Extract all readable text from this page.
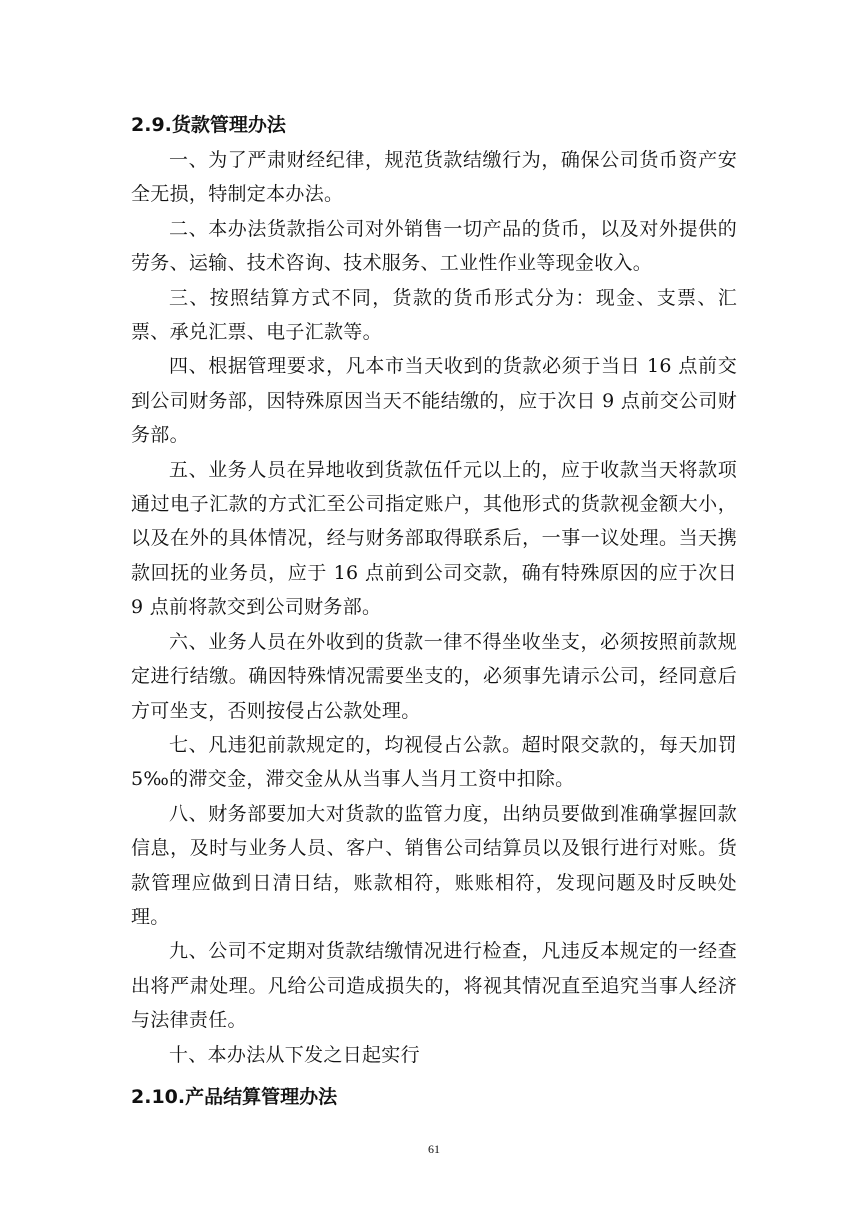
2.9.货款管理办法

一、为了严肃财经纪律，规范货款结缴行为，确保公司货币资产安全无损，特制定本办法。

二、本办法货款指公司对外销售一切产品的货币，以及对外提供的劳务、运输、技术咨询、技术服务、工业性作业等现金收入。

三、按照结算方式不同，货款的货币形式分为：现金、支票、汇票、承兑汇票、电子汇款等。

四、根据管理要求，凡本市当天收到的货款必须于当日 16 点前交到公司财务部，因特殊原因当天不能结缴的，应于次日 9 点前交公司财务部。

五、业务人员在异地收到货款伍仟元以上的，应于收款当天将款项通过电子汇款的方式汇至公司指定账户，其他形式的货款视金额大小，以及在外的具体情况，经与财务部取得联系后，一事一议处理。当天携款回抚的业务员，应于 16 点前到公司交款，确有特殊原因的应于次日 9 点前将款交到公司财务部。

六、业务人员在外收到的货款一律不得坐收坐支，必须按照前款规定进行结缴。确因特殊情况需要坐支的，必须事先请示公司，经同意后方可坐支，否则按侵占公款处理。

七、凡违犯前款规定的，均视侵占公款。超时限交款的，每天加罚 5‰的滞交金，滞交金从从当事人当月工资中扣除。

八、财务部要加大对货款的监管力度，出纳员要做到准确掌握回款信息，及时与业务人员、客户、销售公司结算员以及银行进行对账。货款管理应做到日清日结，账款相符，账账相符，发现问题及时反映处理。

九、公司不定期对货款结缴情况进行检查，凡违反本规定的一经查出将严肃处理。凡给公司造成损失的，将视其情况直至追究当事人经济与法律责任。

十、本办法从下发之日起实行

2.10.产品结算管理办法
61
